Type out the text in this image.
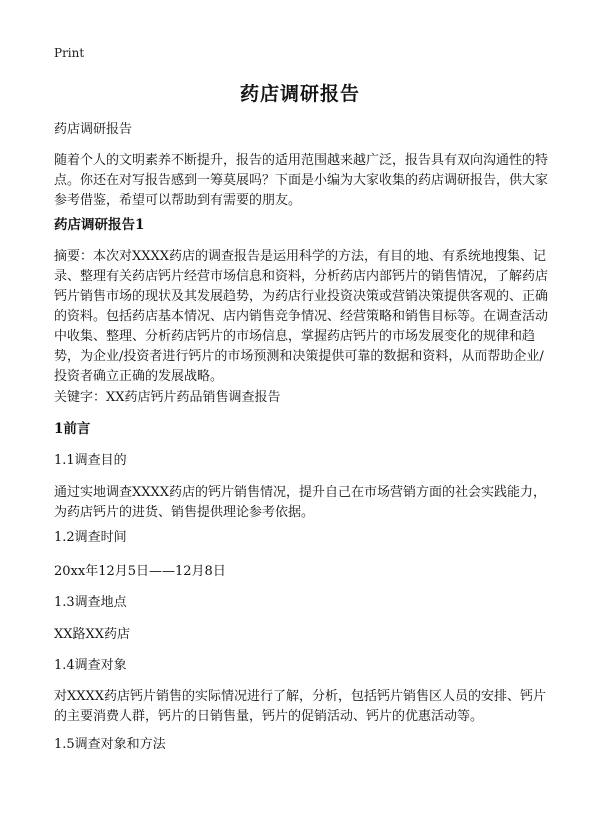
Print
药店调研报告

药店调研报告

随着个人的文明素养不断提升，报告的适用范围越来越广泛，报告具有双向沟通性的特点。你还在对写报告感到一筹莫展吗？下面是小编为大家收集的药店调研报告，供大家参考借鉴，希望可以帮助到有需要的朋友。

药店调研报告1

摘要：本次对XXXX药店的调查报告是运用科学的方法，有目的地、有系统地搜集、记录、整理有关药店钙片经营市场信息和资料，分析药店内部钙片的销售情况，了解药店钙片销售市场的现状及其发展趋势，为药店行业投资决策或营销决策提供客观的、正确的资料。包括药店基本情况、店内销售竞争情况、经营策略和销售目标等。在调查活动中收集、整理、分析药店钙片的市场信息，掌握药店钙片的市场发展变化的规律和趋势，为企业/投资者进行钙片的市场预测和决策提供可靠的数据和资料，从而帮助企业/投资者确立正确的发展战略。

关键字：XX药店钙片药品销售调查报告

1前言

1.1调查目的

通过实地调查XXXX药店的钙片销售情况，提升自己在市场营销方面的社会实践能力，为药店钙片的进货、销售提供理论参考依据。

1.2调查时间

20xx年12月5日——12月8日

1.3调查地点

XX路XX药店

1.4调查对象

对XXXX药店钙片销售的实际情况进行了解，分析，包括钙片销售区人员的安排、钙片的主要消费人群，钙片的日销售量，钙片的促销活动、钙片的优惠活动等。

1.5调查对象和方法
